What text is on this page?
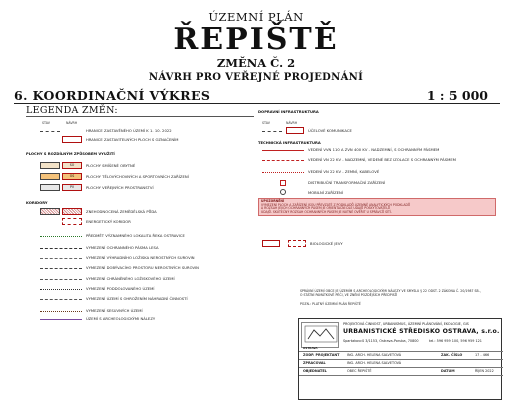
ÚZEMNÍ PLÁN
ŘEPIŠTĚ
ZMĚNA Č. 2
NÁVRH PRO VEŘEJNÉ PROJEDNÁNÍ
6. KOORDINAČNÍ VÝKRES	1 : 5 000
LEGENDA ZMĚN:
STAV	NÁVRH	STAV	NÁVRH
HRANICE ZASTAVĚNÉHO ÚZEMÍ K 1. 10. 2022
HRANICE ZASTAVITELNÝCH PLOCH S OZNAČENÍM
PLOCHY S ROZDÍLNÝM ZPŮSOBEM VYUŽITÍ
SO	PLOCHY SMÍŠENÉ OBYTNÉ
OS	PLOCHY TĚLOVÝCHOVNÝCH A SPORTOVNÍCH ZAŘÍZENÍ
PV	PLOCHY VEŘEJNÝCH PROSTRANSTVÍ
KORIDORY
ZNEHODNOCENÁ ZEMĚDĚLSKÁ PŮDA
ENERGETICKÝ KORIDOR
PŘEDMĚT VÝZNAMNÉHO LOKALITA ŘEKA OSTRAVICE
VYMEZENÍ OCHRANNÉHO PÁSMA LESA
VYMEZENÍ VÝHRADNÍHO LOŽISKA NEROSTNÝCH SUROVIN
VYMEZENÍ DOBÝVACÍHO PROSTORU NEROSTNÝCH SUROVIN
VYMEZENÍ CHRÁNĚNÉHO LOŽISKOVÉHO ÚZEMÍ
VYMEZENÍ PODDOLOVANÉHO ÚZEMÍ
VYMEZENÍ ÚZEMÍ S OHROŽENÍM NÁHRADNÍ ČINNOSTÍ
VYMEZENÍ SESUVNÝCH ÚZEMÍ
ÚZEMÍ S ARCHEOLOGICKÝMI NÁLEZY
DOPRAVNÍ INFRASTRUKTURA
ÚČELOVÉ KOMUNIKACE
TECHNICKÁ INFRASTRUKTURA
VEDENÍ VVN 110 A ZVN 400 KV - NADZEMNÍ, S OCHRANNÝM PÁSMEM
VEDENÍ VN 22 KV - NADZEMNÍ, VEDENÉ BEZ IZOLACE S OCHRANNÝM PÁSMEM
VEDENÍ VN 22 KV - ZEMNÍ, KABELOVÉ
DISTRIBUČNÍ TRANSFORMAČNÍ ZAŘÍZENÍ
MOBILNÍ ZAŘÍZENÍ
UPOZORNĚNÍ
VYMEZENÍ PLOCH A ZAŘÍZENÍ JSOU PŘEVZATÉ Z PODKLADŮ ÚZEMNĚ ANALYTICKÝCH PODKLADŮ
A ROZSAH JEJICH OCHRANNÝCH PÁSEM JE ORIENTAČNÍ DLE ÚDAJŮ POSKYTOVATELŮ
ÚDAJŮ. SKUTEČNÝ ROZSAH OCHRANNÝCH PÁSEM JE NUTNÉ OVĚŘIT U SPRÁVCŮ SÍTÍ.
BIOLOGICKÉ JEVY
SPRÁVNÍ ÚZEMÍ OBCE JE ÚZEMÍM S ARCHEOLOGICKÝMI NÁLEZY VE SMYSLU § 22 ODST. 2 ZÁKONA Č. 20/1987 SB.,
O STÁTNÍ PAMÁTKOVÉ PÉČI, VE ZNĚNÍ POZDĚJŠÍCH PŘEDPISŮ
POZN.: PLATNÝ ÚZEMNÍ PLÁN ŘEPIŠTĚ
OSTRAVA
PROJEKTOVÁ ČINNOST, URBANISMUS, ÚZEMNÍ PLÁNOVÁNÍ, EKOLOGIE, GIS
URBANISTICKÉ STŘEDISKO OSTRAVA, s.r.o.
Spartakovců 3/1153, Ostrava-Poruba, 70800	tel.: 596 959 100, 596 959 121
ZODP. PROJEKTANT ING. ARCH. HELENA SALVETOVÁ	ZAK. ČÍSLO	17 - 466
ZPRACOVAL	ING. ARCH. HELENA SALVETOVÁ
OBJEDNATEL	OBEC ŘEPIŠTĚ	DATUM	ŘÍJEN 2022
